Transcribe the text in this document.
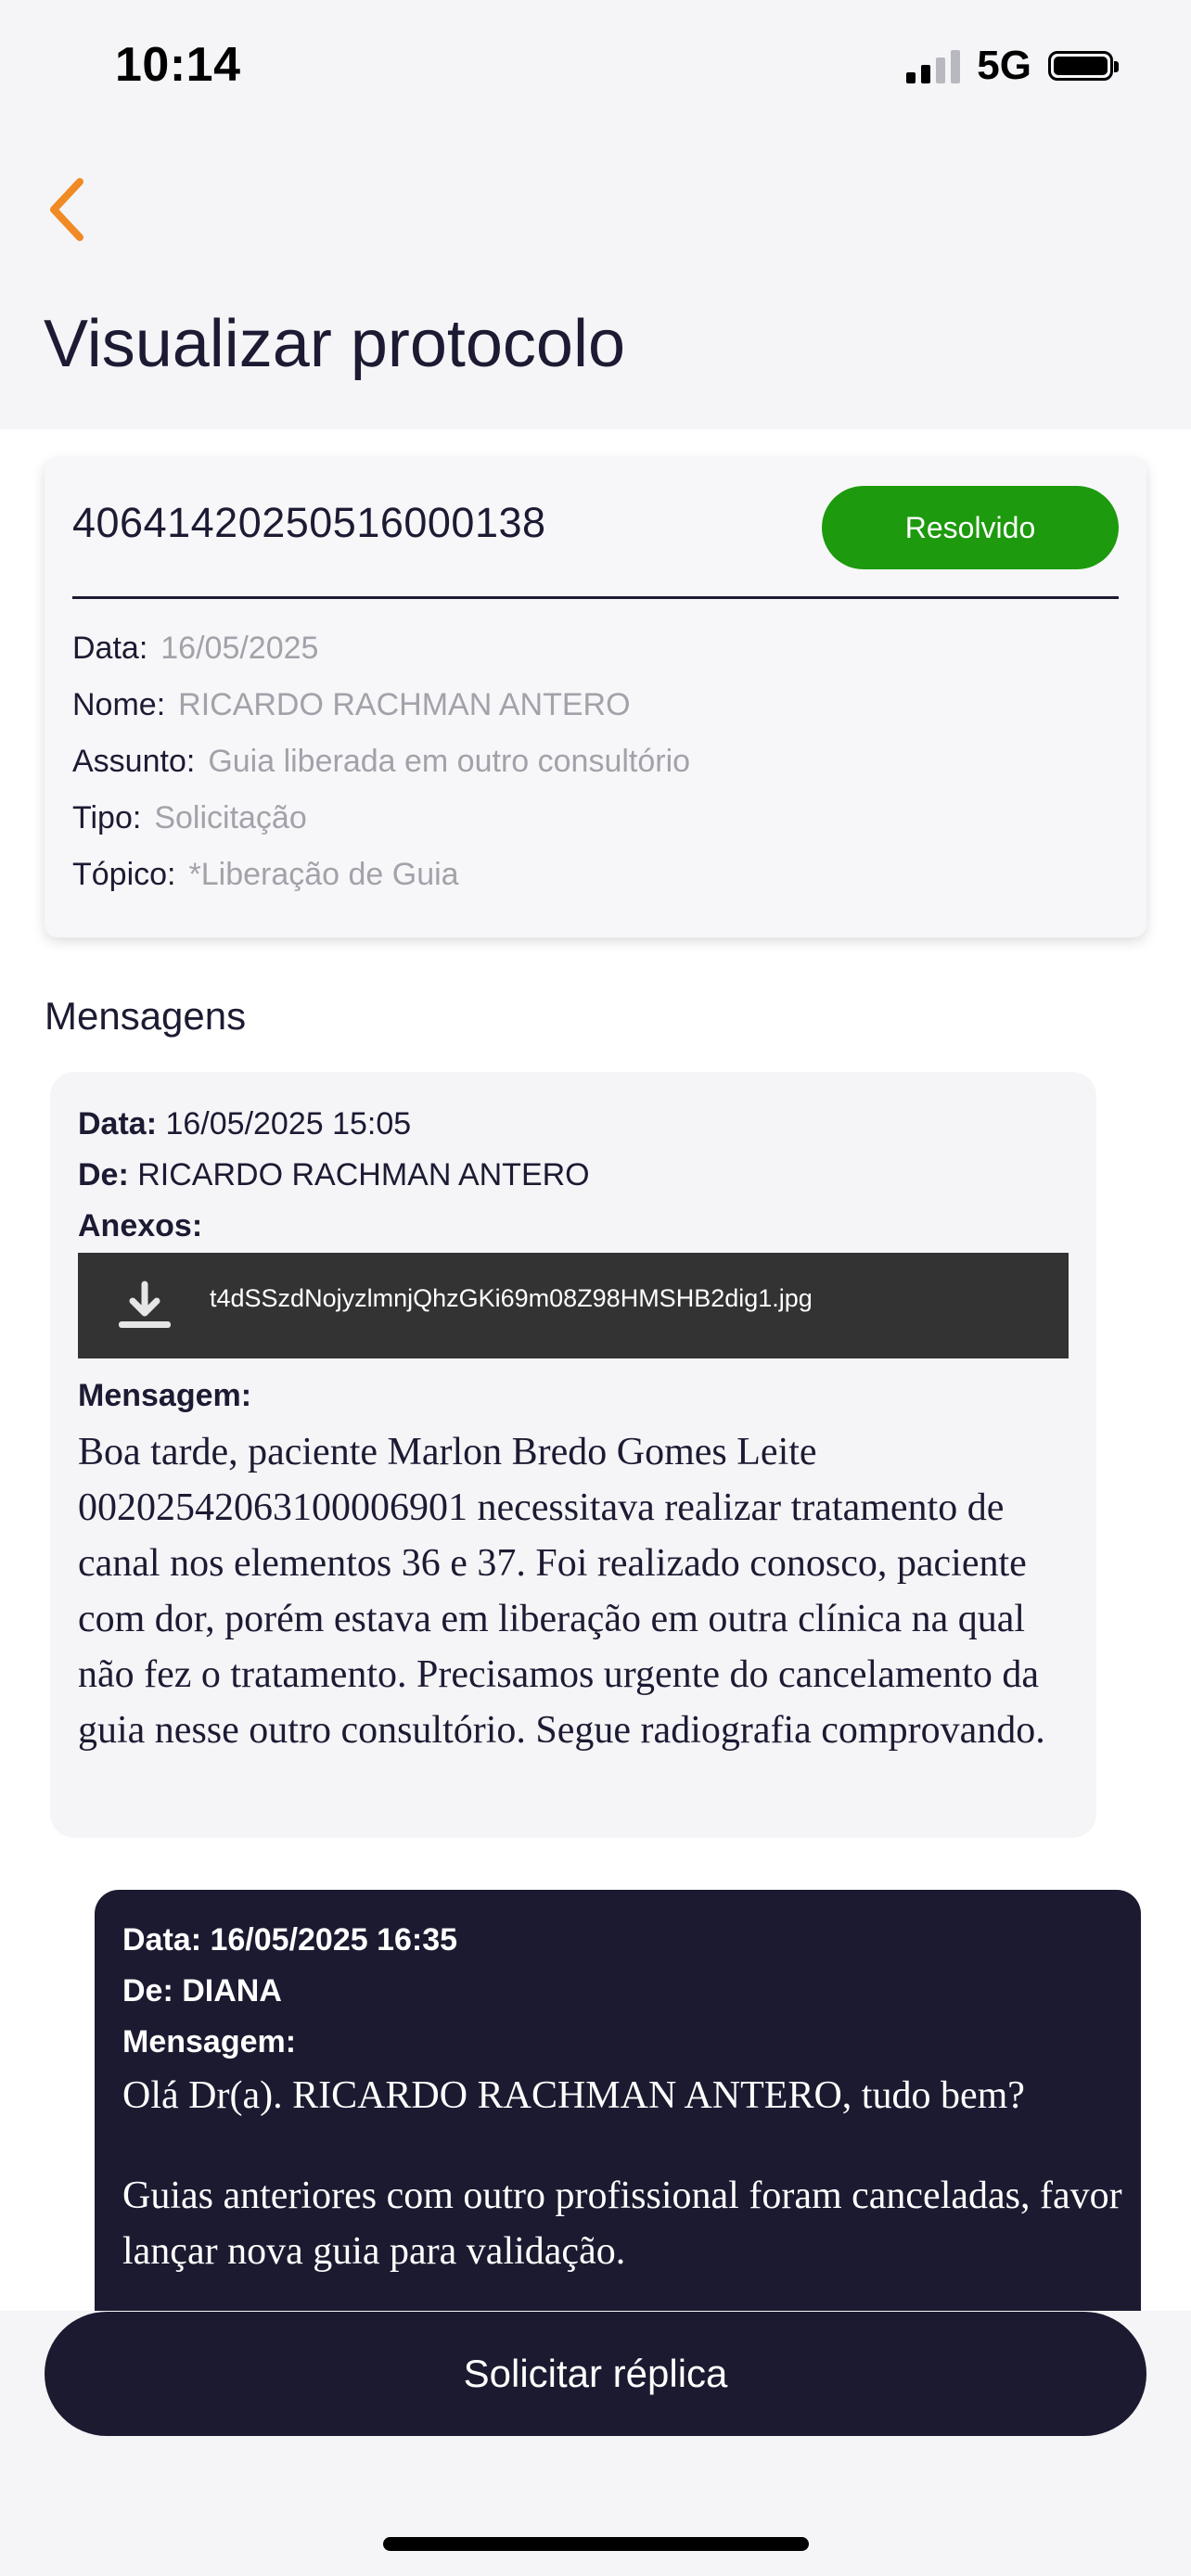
10:14	5G
Visualizar protocolo
40641420250516000138	Resolvido
Data: 16/05/2025
Nome: RICARDO RACHMAN ANTERO
Assunto: Guia liberada em outro consultório
Tipo: Solicitação
Tópico: *Liberação de Guia
Mensagens
Data: 16/05/2025 15:05
De: RICARDO RACHMAN ANTERO
Anexos:
t4dSSzdNojyzlmnjQhzGKi69m08Z98HMSHB2dig1.jpg
Mensagem:
Boa tarde, paciente Marlon Bredo Gomes Leite 00202542063100006901 necessitava realizar tratamento de canal nos elementos 36 e 37. Foi realizado conosco, paciente com dor, porém estava em liberação em outra clínica na qual não fez o tratamento. Precisamos urgente do cancelamento da guia nesse outro consultório. Segue radiografia comprovando.
Data: 16/05/2025 16:35
De: DIANA
Mensagem:

Olá Dr(a). RICARDO RACHMAN ANTERO, tudo bem?

Guias anteriores com outro profissional foram canceladas, favor lançar nova guia para validação.

Solicitar réplica
